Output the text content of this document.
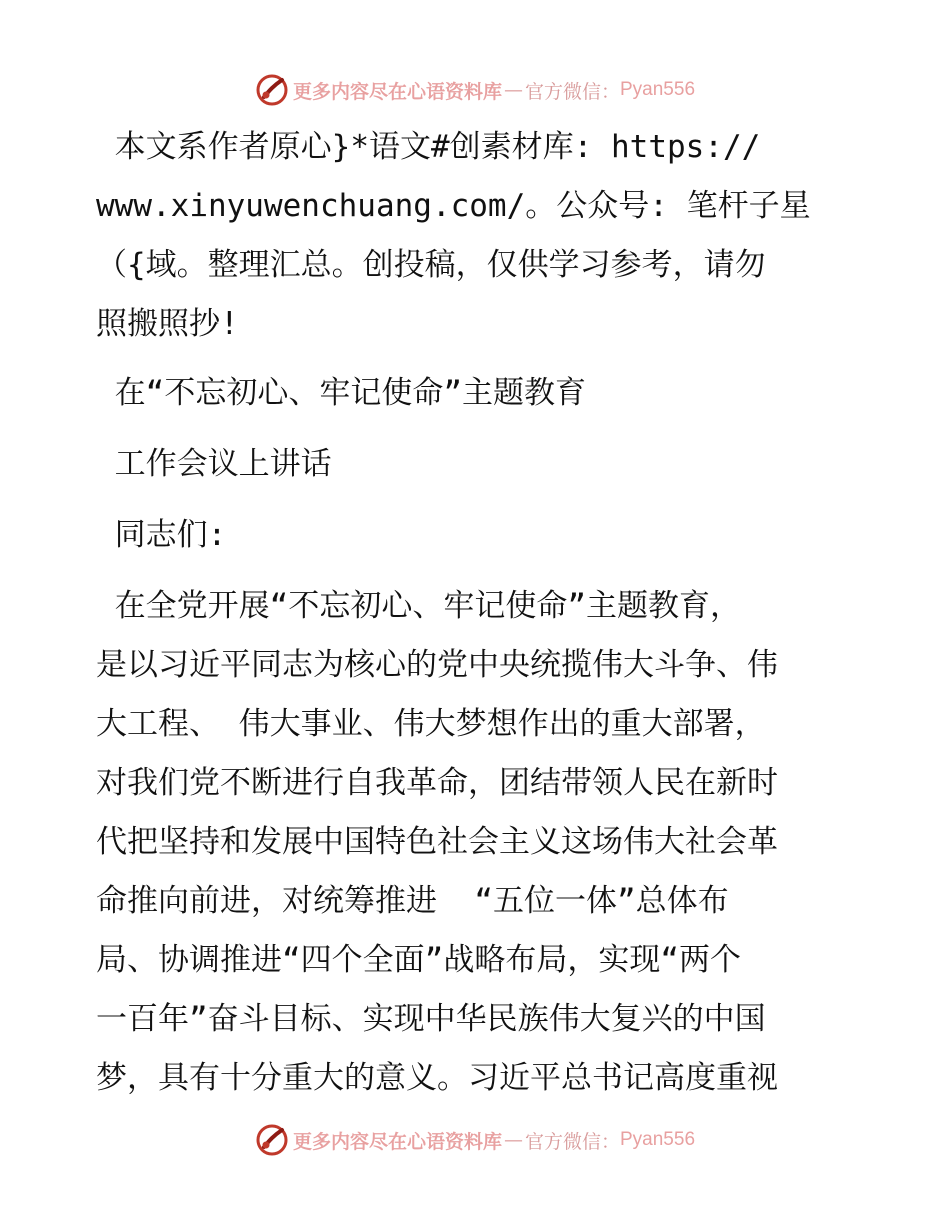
更多内容尽在心语资料库 — 官方微信： Pyan556

本文系作者原心}*语文#创素材库: https://

www.xinyuwenchuang.com/。公众号: 笔杆子星

（{域。整理汇总。创投稿，仅供学习参考，请勿

照搬照抄!

在“不忘初心、牢记使命”主题教育

工作会议上讲话

同志们:

在全党开展“不忘初心、牢记使命”主题教育，

是以习近平同志为核心的党中央统揽伟大斗争、伟

大工程、 伟大事业、伟大梦想作出的重大部署，

对我们党不断进行自我革命，团结带领人民在新时

代把坚持和发展中国特色社会主义这场伟大社会革

命推向前进，对统筹推进  “五位一体”总体布

局、协调推进“四个全面”战略布局，实现“两个

一百年”奋斗目标、实现中华民族伟大复兴的中国

梦，具有十分重大的意义。习近平总书记高度重视

更多内容尽在心语资料库 — 官方微信： Pyan556
